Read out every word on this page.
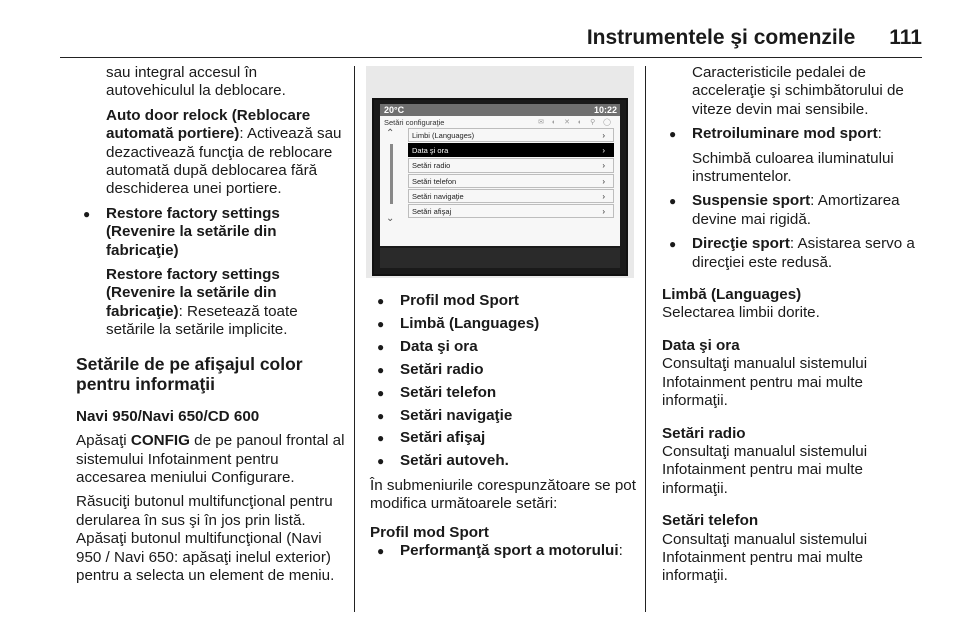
Instrumentele şi comenzile 111

sau integral accesul în autovehiculul la deblocare.

Auto door relock (Reblocare automată portiere): Activează sau dezactivează funcţia de reblocare automată după deblocarea fără deschiderea unei portiere.

● Restore factory settings (Revenire la setările din fabricaţie)

Restore factory settings (Revenire la setările din fabricaţie): Resetează toate setările la setările implicite.

Setările de pe afişajul color pentru informaţii

Navi 950/Navi 650/CD 600

Apăsaţi CONFIG de pe panoul frontal al sistemului Infotainment pentru accesarea meniului Configurare.

Răsuciţi butonul multifuncţional pentru derularea în sus şi în jos prin listă. Apăsaţi butonul multifuncţional (Navi 950 / Navi 650: apăsaţi inelul exterior) pentru a selecta un element de meniu.

20°C	10:22
Setări configuraţie	✉ ◐ ✕ ◐ ⚲ ◯
⌃
⌄
Limbi (Languages)	›
Data şi ora	›
Setări radio	›
Setări telefon	›
Setări navigaţie	›
Setări afişaj	›

● Profil mod Sport

● Limbă (Languages)

● Data şi ora

● Setări radio

● Setări telefon

● Setări navigaţie

● Setări afişaj

● Setări autoveh.

În submeniurile corespunzătoare se pot modifica următoarele setări:

Profil mod Sport

● Performanţă sport a motorului:

Caracteristicile pedalei de acceleraţie şi schimbătorului de viteze devin mai sensibile.

● Retroiluminare mod sport:

Schimbă culoarea iluminatului instrumentelor.

● Suspensie sport: Amortizarea devine mai rigidă.

● Direcţie sport: Asistarea servo a direcţiei este redusă.

Limbă (Languages)

Selectarea limbii dorite.

Data şi ora

Consultaţi manualul sistemului Infotainment pentru mai multe informaţii.

Setări radio

Consultaţi manualul sistemului Infotainment pentru mai multe informaţii.

Setări telefon

Consultaţi manualul sistemului Infotainment pentru mai multe informaţii.
